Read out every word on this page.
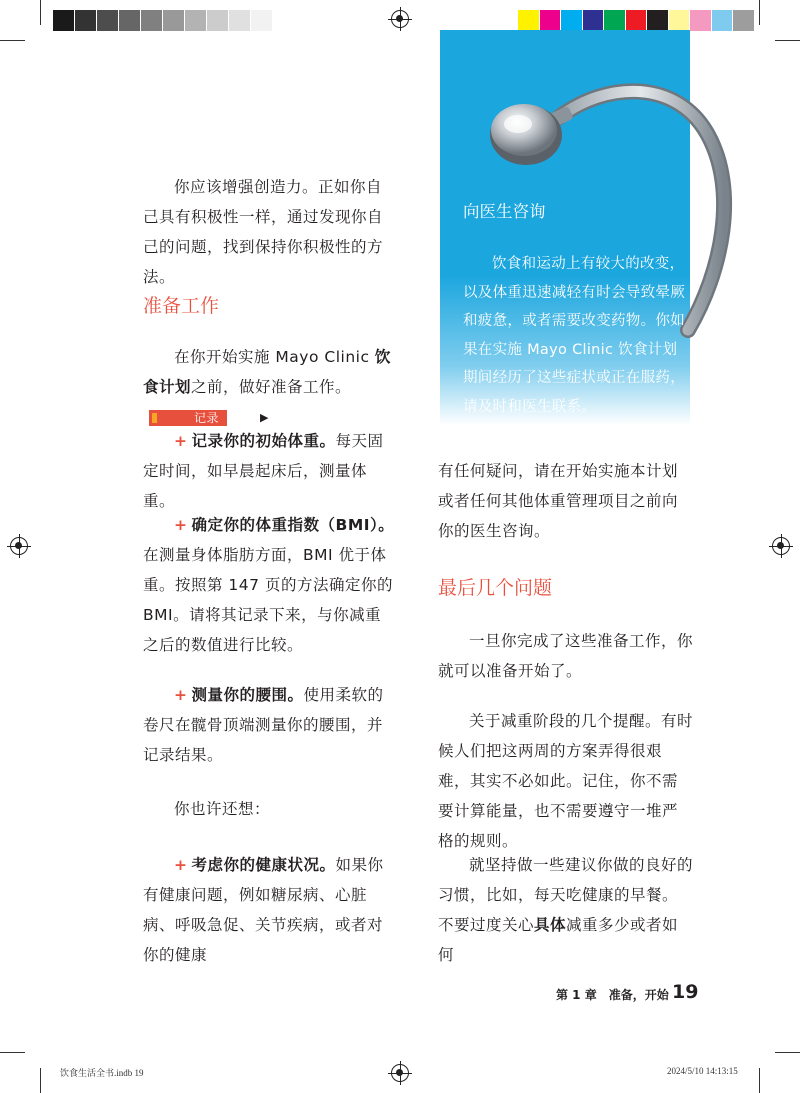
你应该增强创造力。正如你自己具有积极性一样，通过发现你自己的问题，找到保持你积极性的方法。

准备工作

在你开始实施 Mayo Clinic 饮食计划之前，做好准备工作。记录	▶

+ 记录你的初始体重。每天固定时间，如早晨起床后，测量体重。

+ 确定你的体重指数（BMI）。在测量身体脂肪方面，BMI 优于体重。按照第 147 页的方法确定你的 BMI。请将其记录下来，与你减重之后的数值进行比较。

+ 测量你的腰围。使用柔软的卷尺在髋骨顶端测量你的腰围，并记录结果。

你也许还想：

+ 考虑你的健康状况。如果你有健康问题，例如糖尿病、心脏病、呼吸急促、关节疾病，或者对你的健康

向医生咨询

饮食和运动上有较大的改变，以及体重迅速减轻有时会导致晕厥和疲惫，或者需要改变药物。你如果在实施 Mayo Clinic 饮食计划期间经历了这些症状或正在服药，请及时和医生联系。

有任何疑问，请在开始实施本计划或者任何其他体重管理项目之前向你的医生咨询。

最后几个问题

一旦你完成了这些准备工作，你就可以准备开始了。

关于减重阶段的几个提醒。有时候人们把这两周的方案弄得很艰难，其实不必如此。记住，你不需要计算能量，也不需要遵守一堆严格的规则。

就坚持做一些建议你做的良好的习惯，比如，每天吃健康的早餐。不要过度关心具体减重多少或者如何

第 1 章　准备，开始 19
饮食生活全书.indb 19	2024/5/10 14:13:15
